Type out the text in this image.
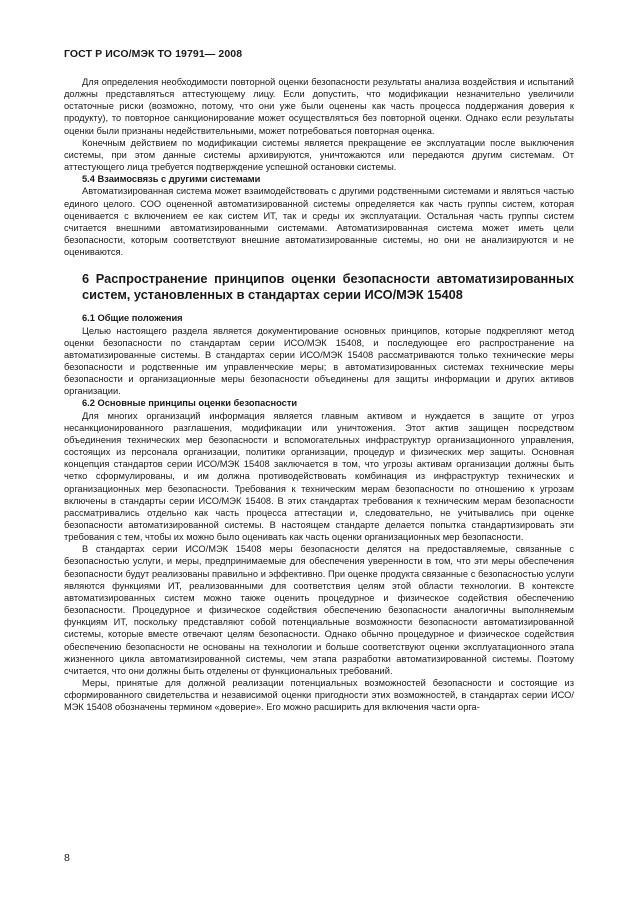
ГОСТ Р ИСО/МЭК ТО 19791— 2008

Для определения необходимости повторной оценки безопасности результаты анализа воздействия и испытаний должны представляться аттестующему лицу. Если допустить, что модификации незначительно увеличили остаточные риски (возможно, потому, что они уже были оценены как часть процесса поддержания доверия к продукту), то повторное санкционирование может осуществляться без повторной оценки. Однако если результаты оценки были признаны недействительными, может потребоваться повторная оценка.

Конечным действием по модификации системы является прекращение ее эксплуатации после выключения системы, при этом данные системы архивируются, уничтожаются или передаются другим системам. От аттестующего лица требуется подтверждение успешной остановки системы.

5.4 Взаимосвязь с другими системами

Автоматизированная система может взаимодействовать с другими родственными системами и являться частью единого целого. СОО оцененной автоматизированной системы определяется как часть группы систем, которая оценивается с включением ее как систем ИТ, так и среды их эксплуатации. Остальная часть группы систем считается внешними автоматизированными системами. Автоматизированная система может иметь цели безопасности, которым соответствуют внешние автоматизированные системы, но они не анализируются и не оцениваются.

6 Распространение принципов оценки безопасности автоматизированных систем, установленных в стандартах серии ИСО/МЭК 15408

6.1 Общие положения

Целью настоящего раздела является документирование основных принципов, которые подкрепляют метод оценки безопасности по стандартам серии ИСО/МЭК 15408, и последующее его распространение на автоматизированные системы. В стандартах серии ИСО/МЭК 15408 рассматриваются только технические меры безопасности и родственные им управленческие меры; в автоматизированных системах технические меры безопасности и организационные меры безопасности объединены для защиты информации и других активов организации.

6.2 Основные принципы оценки безопасности

Для многих организаций информация является главным активом и нуждается в защите от угроз несанкционированного разглашения, модификации или уничтожения. Этот актив защищен посредством объединения технических мер безопасности и вспомогательных инфраструктур организационного управления, состоящих из персонала организации, политики организации, процедур и физических мер защиты. Основная концепция стандартов серии ИСО/МЭК 15408 заключается в том, что угрозы активам организации должны быть четко сформулированы, и им должна противодействовать комбинация из инфраструктур технических и организационных мер безопасности. Требования к техническим мерам безопасности по отношению к угрозам включены в стандарты серии ИСО/МЭК 15408. В этих стандартах требования к техническим мерам безопасности рассматривались отдельно как часть процесса аттестации и, следовательно, не учитывались при оценке безопасности автоматизированной системы. В настоящем стандарте делается попытка стандартизировать эти требования с тем, чтобы их можно было оценивать как часть оценки организационных мер безопасности.

В стандартах серии ИСО/МЭК 15408 меры безопасности делятся на предоставляемые, связанные с безопасностью услуги, и меры, предпринимаемые для обеспечения уверенности в том, что эти меры обеспечения безопасности будут реализованы правильно и эффективно. При оценке продукта связанные с безопасностью услуги являются функциями ИТ, реализованными для соответствия целям этой области технологии. В контексте автоматизированных систем можно также оценить процедурное и физическое содействия обеспечению безопасности. Процедурное и физическое содействия обеспечению безопасности аналогичны выполняемым функциям ИТ, поскольку представляют собой потенциальные возможности безопасности автоматизированной системы, которые вместе отвечают целям безопасности. Однако обычно процедурное и физическое содействия обеспечению безопасности не основаны на технологии и больше соответствуют оценки эксплуатационного этапа жизненного цикла автоматизированной системы, чем этапа разработки автоматизированной системы. Поэтому считается, что они должны быть отделены от функциональных требований.

Меры, принятые для должной реализации потенциальных возможностей безопасности и состоящие из сформированного свидетельства и независимой оценки пригодности этих возможностей, в стандартах серии ИСО/МЭК 15408 обозначены термином «доверие». Его можно расширить для включения части орга-

8
